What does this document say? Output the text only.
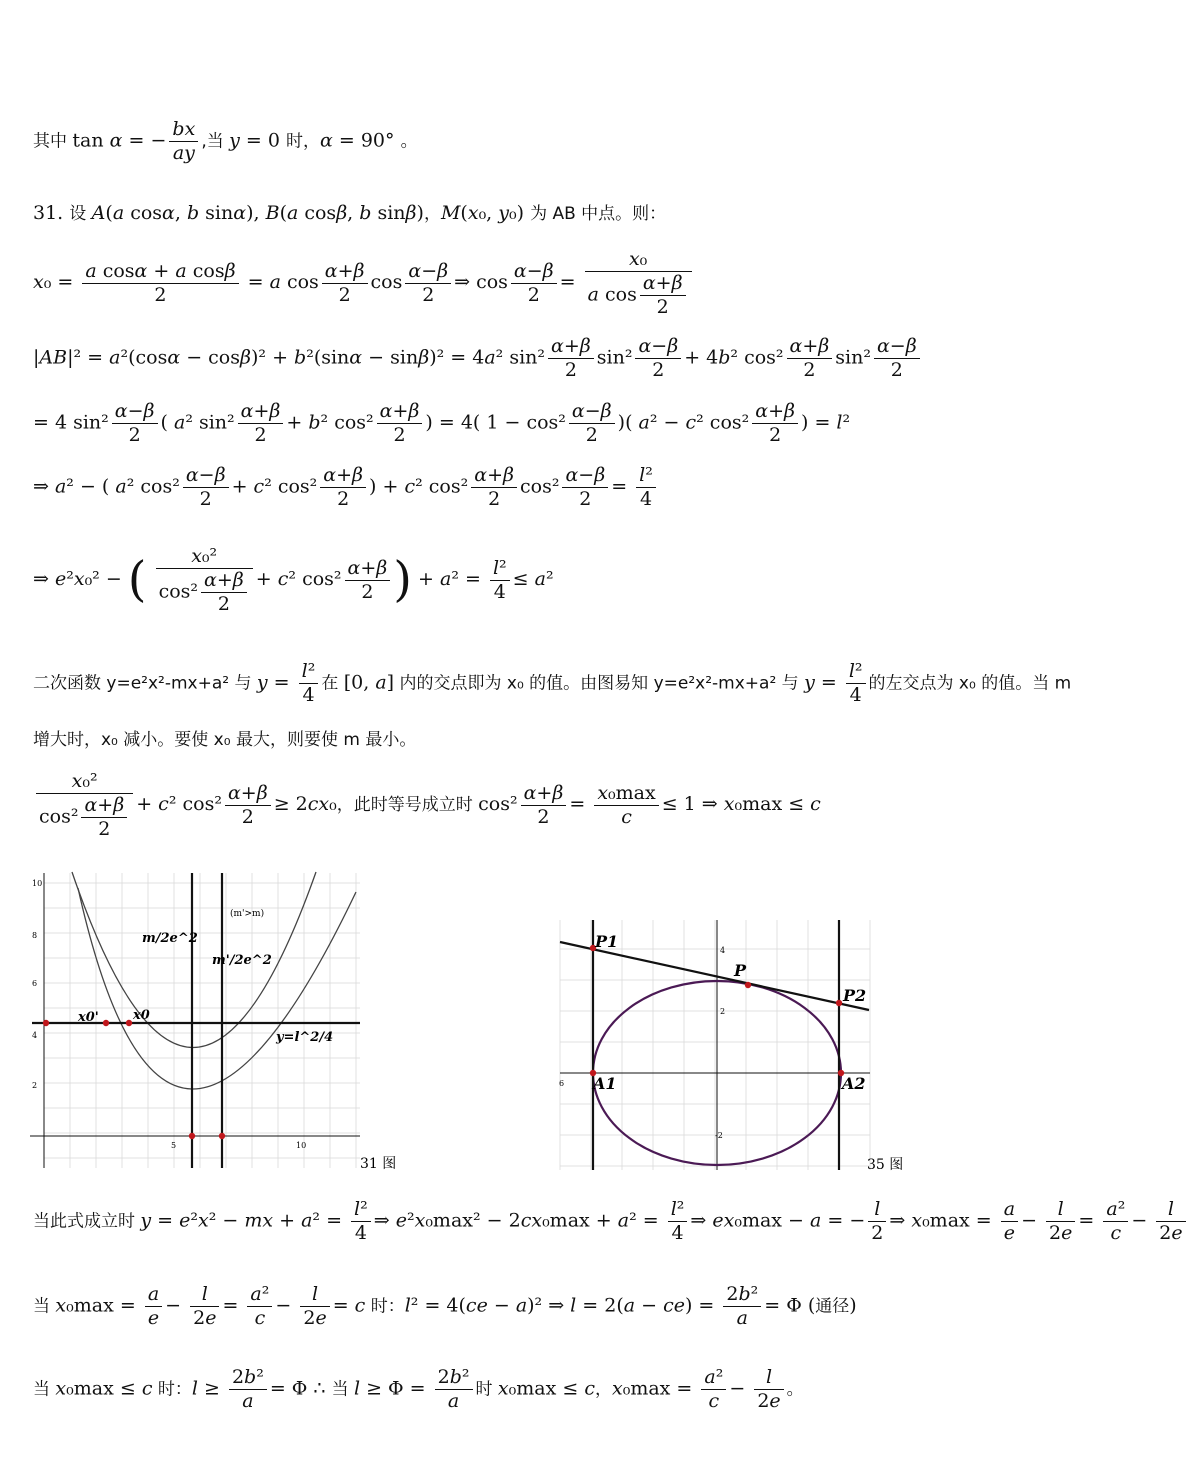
其中 tan α = − $\frac{bx}{ay}$ ,当 y = 0 时，α = 90° 。
31. 设 A(a cosα, b sinα), B(a cosβ, b sinβ)，M(x₀, y₀) 为 AB 中点。则：
$x_0 = \frac{\text{a cosα + a cosβ}}{2} = a$ $\cos \frac{\alpha+\beta}{2}$ $\cos \frac{\alpha-\beta}{2}$ ⇒ $\cos \frac{\alpha-\beta}{2} = \frac{\text{x₀}}{a \cos \frac{\alpha+\beta}{2}}$
|AB|² = a²(cosα − cosβ)² + b²(sinα − sinβ)² = 4a² $\sin^2 \frac{\alpha+\beta}{2} \sin^2 \frac{\alpha-\beta}{2} + 4b^2$ $\cos^2 \frac{\alpha+\beta}{2} \sin^2 \frac{\alpha-\beta}{2}$
= 4 $\sin^2 \frac{\alpha-\beta}{2}$ ( a² $\sin^2 \frac{\alpha+\beta}{2} + b^2$ $\cos^2 \frac{\alpha+\beta}{2}$ ) = 4( $1 - \cos^2 \frac{\alpha-\beta}{2}$ )( a² − c² $\cos^2 \frac{\alpha+\beta}{2}$ ) = l²
⇒ a² − ( a² $\cos^2 \frac{\alpha-\beta}{2} + c^2$ $\cos^2 \frac{\alpha+\beta}{2}$ ) + c² $\cos^2 \frac{\alpha+\beta}{2} \cos^2 \frac{\alpha-\beta}{2} = \frac{\text{l²}}{4}$
⇒ e²x₀² − ( $\frac{\text{x₀²}}{\cos^2 \frac{\alpha+\beta}{2}} + c^2$ $\cos^2 \frac{\alpha+\beta}{2}$ ) + $a^2 = \frac{\text{l²}}{4} \le a^2$
二次函数 y=e²x²-mx+a² 与 $y = \frac{\text{l²}}{4}$ 在 [0, a] 内的交点即为 x₀ 的值。由图易知 y=e²x²-mx+a² 与 $y = \frac{\text{l²}}{4}$ 的左交点为 x₀ 的值。当 m
增大时，x₀ 减小。要使 x₀ 最大，则要使 m 最小。
$\frac{\text{x₀²}}{\cos^2 \frac{\alpha+\beta}{2}} + c^2$ $\cos^2 \frac{\alpha+\beta}{2} \ge 2cx_0$，此时等号成立时 $\cos^2 \frac{\alpha+\beta}{2} = \frac{\text{x₀max}}{c} \le 1$ ⇒ x₀max ≤ c
10
8
6
4
2
5	10
(m'>m)
m/2e^2
m'/2e^2
x0'	x0
y=l^2/4
31 图
4
2
-2
6
P1
P
P2
A1	A2
35 图
当此式成立时 y = e²x² − mx + $a^2 = \frac{\text{l²}}{4}$ ⇒ $e^2x_0\max^2 - 2cx_0\max + a^2 = \frac{\text{l²}}{4}$ ⇒ ex₀max − a = − $\frac{l}{2}$ ⇒ $x_0\max = \frac{a}{e} - \frac{l}{2e} = \frac{\text{a²}}{c} - \frac{l}{2e}$
当 $x_0\max = \frac{a}{e} - \frac{l}{2e} = \frac{\text{a²}}{c} - \frac{l}{2e} = c$ 时：l² = 4(ce − a)² ⇒ $l = 2(a - ce) = \frac{\text{2b²}}{a} = \Phi$ (通径)
当 x₀max ≤ c 时：$l \ge \frac{\text{2b²}}{a} = \Phi$ ∴ 当 $l \ge \Phi = \frac{\text{2b²}}{a}$ 时 x₀max ≤ c，$x_0\max = \frac{\text{a²}}{c} - \frac{l}{2e}$ 。
